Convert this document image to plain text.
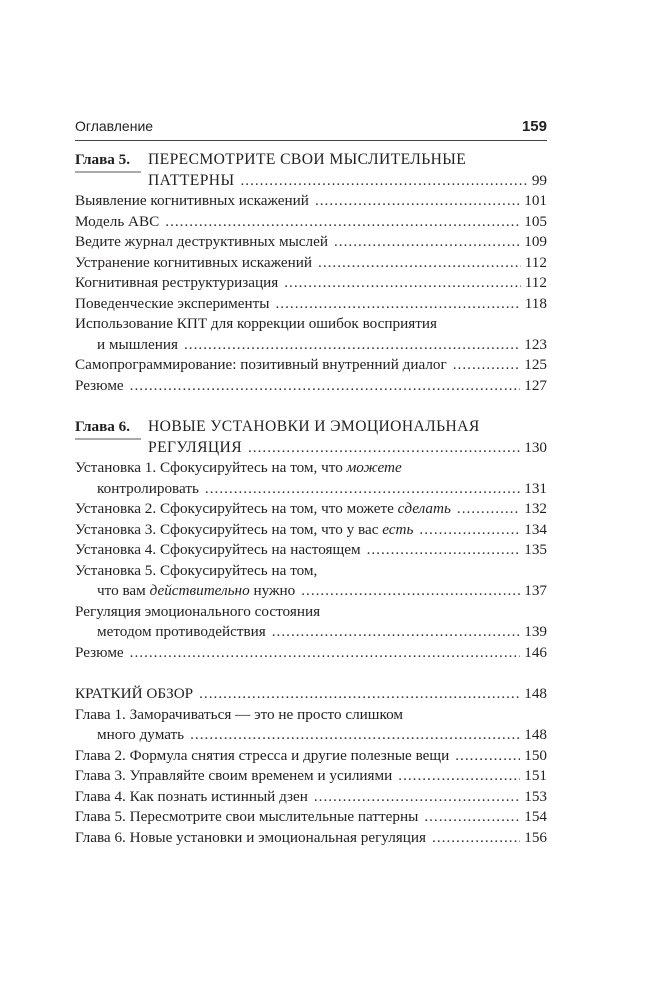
Оглавление	159
Глава 5.	ПЕРЕСМОТРИТЕ СВОИ МЫСЛИТЕЛЬНЫЕ
ПАТТЕРНЫ .....	99
Выявление когнитивных искажений .....	101
Модель ABC .....	105
Ведите журнал деструктивных мыслей .....	109
Устранение когнитивных искажений .....	112
Когнитивная реструктуризация .....	112
Поведенческие эксперименты .....	118
Использование КПТ для коррекции ошибок восприятия
и мышления .....	123
Самопрограммирование: позитивный внутренний диалог .....	125
Резюме .....	127
Глава 6.	НОВЫЕ УСТАНОВКИ И ЭМОЦИОНАЛЬНАЯ
РЕГУЛЯЦИЯ .....	130
Установка 1. Сфокусируйтесь на том, что можете
контролировать .....	131
Установка 2. Сфокусируйтесь на том, что можете сделать .....	132
Установка 3. Сфокусируйтесь на том, что у вас есть .....	134
Установка 4. Сфокусируйтесь на настоящем .....	135
Установка 5. Сфокусируйтесь на том,
что вам действительно нужно .....	137
Регуляция эмоционального состояния
методом противодействия .....	139
Резюме .....	146
КРАТКИЙ ОБЗОР .....	148
Глава 1. Заморачиваться — это не просто слишком
много думать .....	148
Глава 2. Формула снятия стресса и другие полезные вещи .....	150
Глава 3. Управляйте своим временем и усилиями .....	151
Глава 4. Как познать истинный дзен .....	153
Глава 5. Пересмотрите свои мыслительные паттерны .....	154
Глава 6. Новые установки и эмоциональная регуляция .....	156
